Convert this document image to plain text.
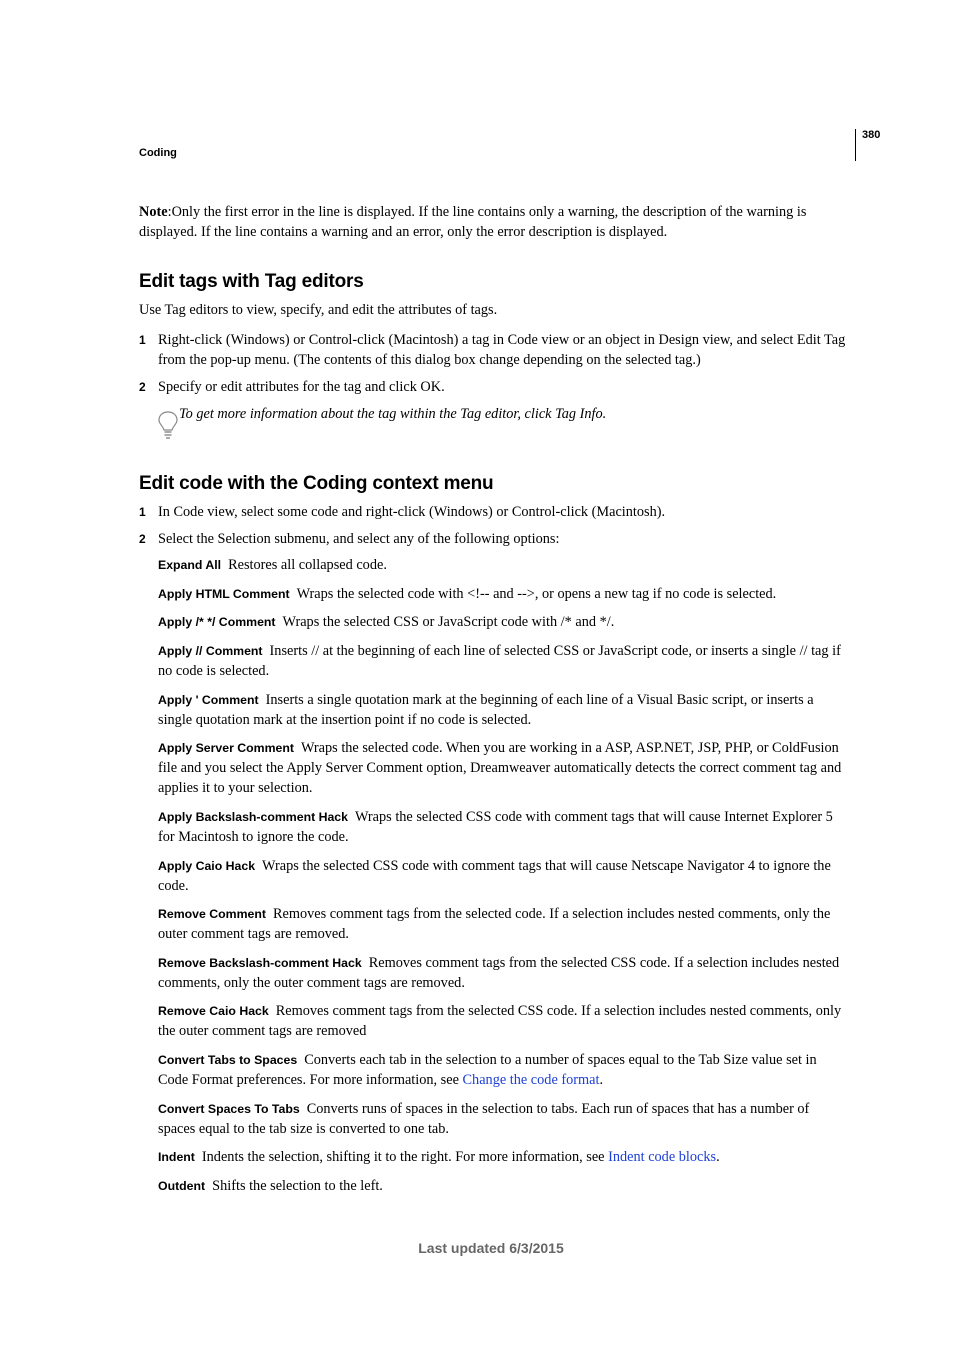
Coding
380
Note:Only the first error in the line is displayed. If the line contains only a warning, the description of the warning is displayed. If the line contains a warning and an error, only the error description is displayed.
Edit tags with Tag editors
Use Tag editors to view, specify, and edit the attributes of tags.
1 Right-click (Windows) or Control-click (Macintosh) a tag in Code view or an object in Design view, and select Edit Tag from the pop-up menu. (The contents of this dialog box change depending on the selected tag.)
2 Specify or edit attributes for the tag and click OK.
To get more information about the tag within the Tag editor, click Tag Info.
Edit code with the Coding context menu
1 In Code view, select some code and right-click (Windows) or Control-click (Macintosh).
2 Select the Selection submenu, and select any of the following options:
Expand All Restores all collapsed code.
Apply HTML Comment Wraps the selected code with <!-- and -->, or opens a new tag if no code is selected.
Apply /* */ Comment Wraps the selected CSS or JavaScript code with /* and */.
Apply // Comment Inserts // at the beginning of each line of selected CSS or JavaScript code, or inserts a single // tag if no code is selected.
Apply ' Comment Inserts a single quotation mark at the beginning of each line of a Visual Basic script, or inserts a single quotation mark at the insertion point if no code is selected.
Apply Server Comment Wraps the selected code. When you are working in a ASP, ASP.NET, JSP, PHP, or ColdFusion file and you select the Apply Server Comment option, Dreamweaver automatically detects the correct comment tag and applies it to your selection.
Apply Backslash-comment Hack Wraps the selected CSS code with comment tags that will cause Internet Explorer 5 for Macintosh to ignore the code.
Apply Caio Hack Wraps the selected CSS code with comment tags that will cause Netscape Navigator 4 to ignore the code.
Remove Comment Removes comment tags from the selected code. If a selection includes nested comments, only the outer comment tags are removed.
Remove Backslash-comment Hack Removes comment tags from the selected CSS code. If a selection includes nested comments, only the outer comment tags are removed.
Remove Caio Hack Removes comment tags from the selected CSS code. If a selection includes nested comments, only the outer comment tags are removed
Convert Tabs to Spaces Converts each tab in the selection to a number of spaces equal to the Tab Size value set in Code Format preferences. For more information, see Change the code format.
Convert Spaces To Tabs Converts runs of spaces in the selection to tabs. Each run of spaces that has a number of spaces equal to the tab size is converted to one tab.
Indent Indents the selection, shifting it to the right. For more information, see Indent code blocks.
Outdent Shifts the selection to the left.
Last updated 6/3/2015
